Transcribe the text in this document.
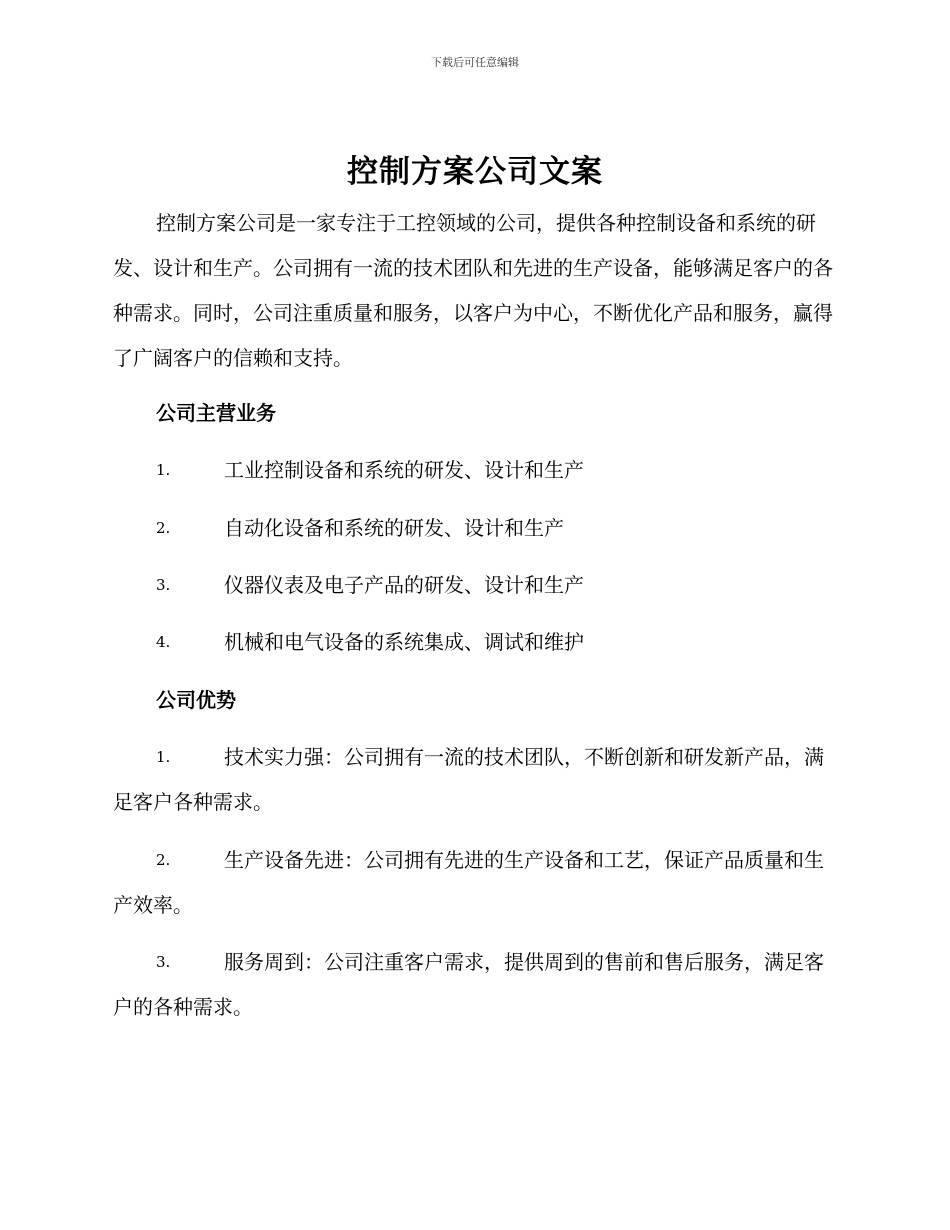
下载后可任意编辑
控制方案公司文案
控制方案公司是一家专注于工控领域的公司，提供各种控制设备和系统的研发、设计和生产。公司拥有一流的技术团队和先进的生产设备，能够满足客户的各种需求。同时，公司注重质量和服务，以客户为中心，不断优化产品和服务，赢得了广阔客户的信赖和支持。
公司主营业务
1.	工业控制设备和系统的研发、设计和生产
2.	自动化设备和系统的研发、设计和生产
3.	仪器仪表及电子产品的研发、设计和生产
4.	机械和电气设备的系统集成、调试和维护
公司优势
1.	技术实力强：公司拥有一流的技术团队，不断创新和研发新产品，满足客户各种需求。
2.	生产设备先进：公司拥有先进的生产设备和工艺，保证产品质量和生产效率。
3.	服务周到：公司注重客户需求，提供周到的售前和售后服务，满足客户的各种需求。
